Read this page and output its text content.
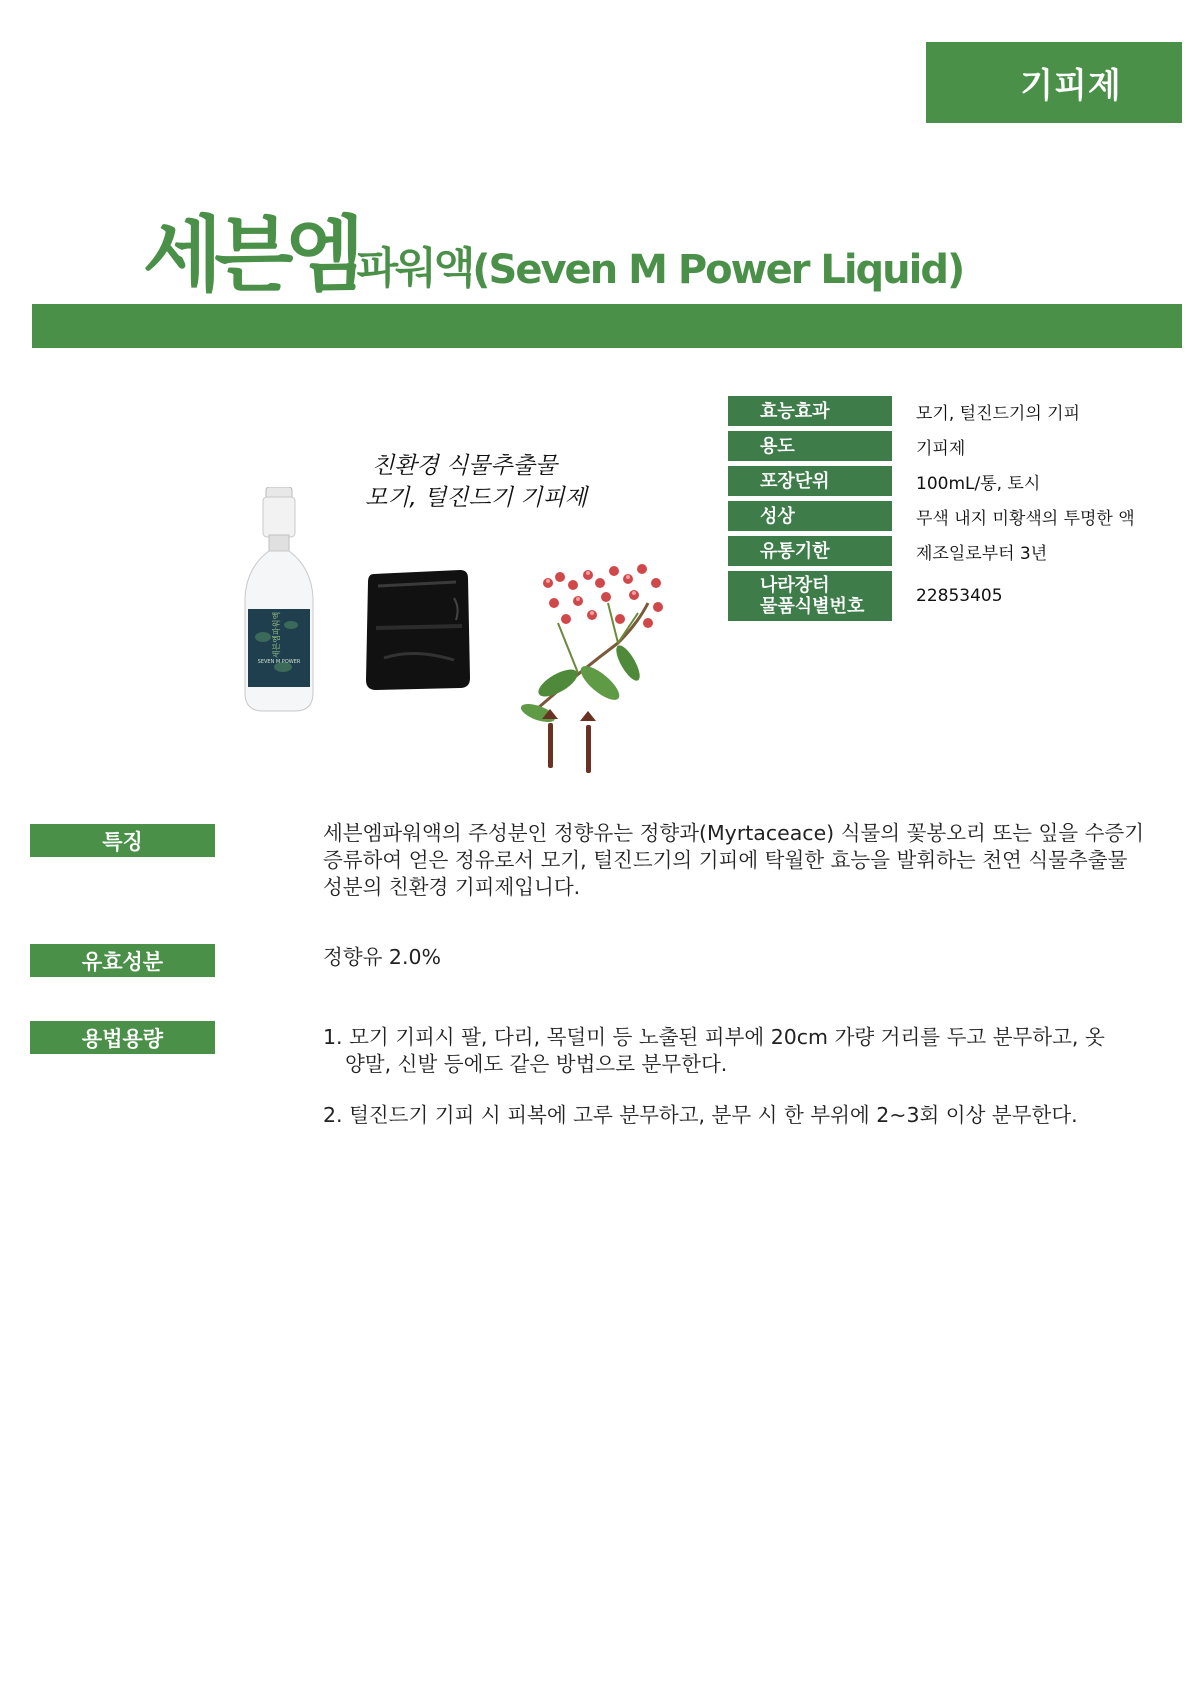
기피제
세븐엠파워액(Seven M Power Liquid)
친환경 식물추출물
모기, 털진드기 기피제
세븐엠파워액
SEVEN M POWER
효능효과	모기, 털진드기의 기피
용도	기피제
포장단위	100mL/통, 토시
성상	무색 내지 미황색의 투명한 액
유통기한	제조일로부터 3년
나라장터
물품식별번호	22853405
특징	세븐엠파워액의 주성분인 정향유는 정향과(Myrtaceace) 식물의 꽃봉오리 또는 잎을 수증기

증류하여 얻은 정유로서 모기, 털진드기의 기피에 탁월한 효능을 발휘하는 천연 식물추출물

성분의 친환경 기피제입니다.

유효성분	정향유 2.0%
용법용량	1. 모기 기피시 팔, 다리, 목덜미 등 노출된 피부에 20cm 가량 거리를 두고 분무하고, 옷
양말, 신발 등에도 같은 방법으로 분무한다.

2. 털진드기 기피 시 피복에 고루 분무하고, 분무 시 한 부위에 2~3회 이상 분무한다.
